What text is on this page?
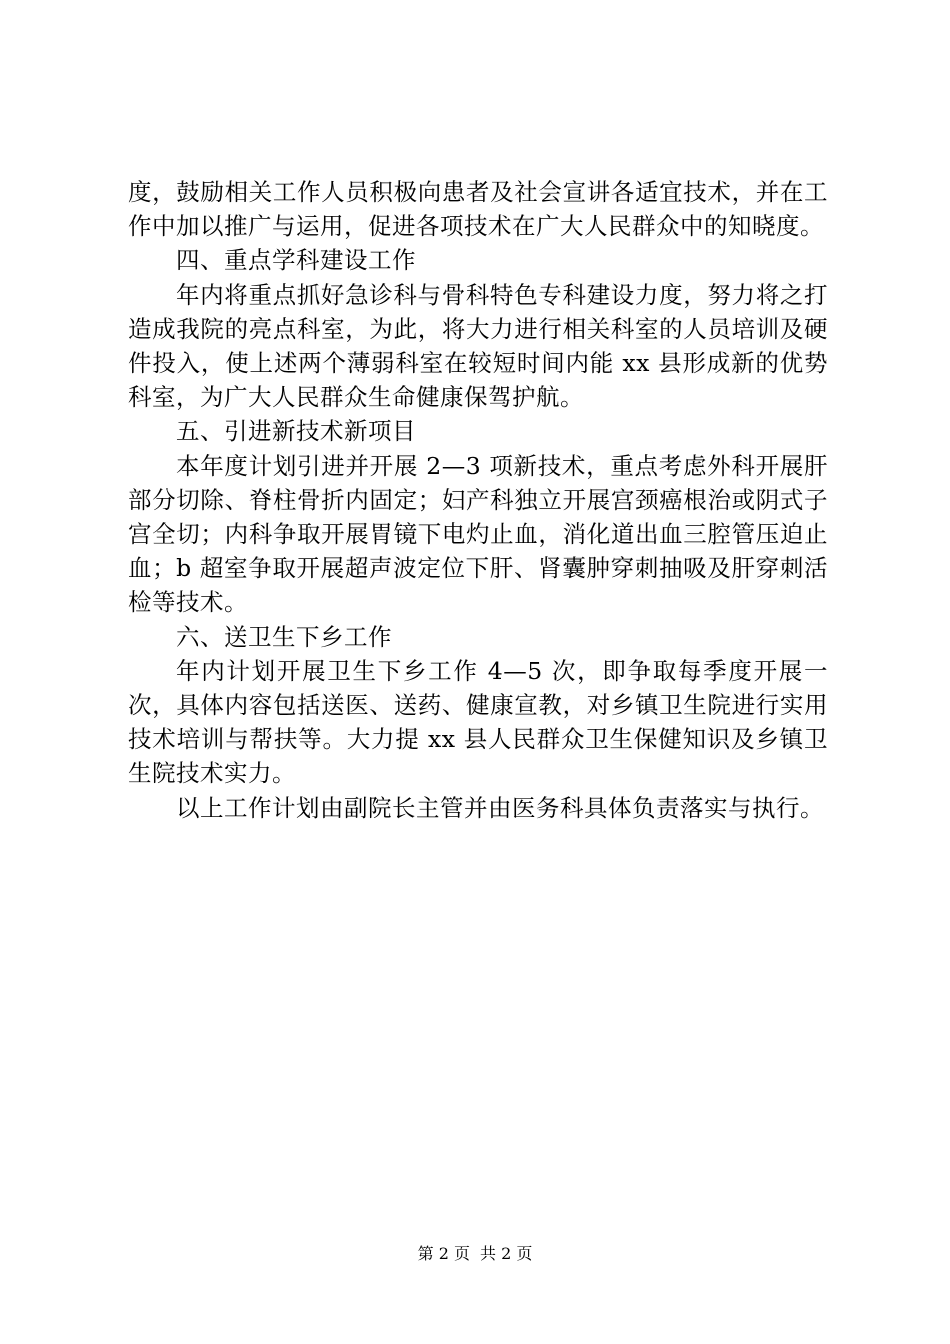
度，鼓励相关工作人员积极向患者及社会宣讲各适宜技术，并在工作中加以推广与运用，促进各项技术在广大人民群众中的知晓度。

四、重点学科建设工作

年内将重点抓好急诊科与骨科特色专科建设力度，努力将之打造成我院的亮点科室，为此，将大力进行相关科室的人员培训及硬件投入，使上述两个薄弱科室在较短时间内能 xx 县形成新的优势科室，为广大人民群众生命健康保驾护航。

五、引进新技术新项目

本年度计划引进并开展 2—3 项新技术，重点考虑外科开展肝部分切除、脊柱骨折内固定；妇产科独立开展宫颈癌根治或阴式子宫全切；内科争取开展胃镜下电灼止血，消化道出血三腔管压迫止血；b 超室争取开展超声波定位下肝、肾囊肿穿刺抽吸及肝穿刺活检等技术。

六、送卫生下乡工作

年内计划开展卫生下乡工作 4—5 次，即争取每季度开展一次，具体内容包括送医、送药、健康宣教，对乡镇卫生院进行实用技术培训与帮扶等。大力提 xx 县人民群众卫生保健知识及乡镇卫生院技术实力。

以上工作计划由副院长主管并由医务科具体负责落实与执行。

第 2 页 共 2 页
